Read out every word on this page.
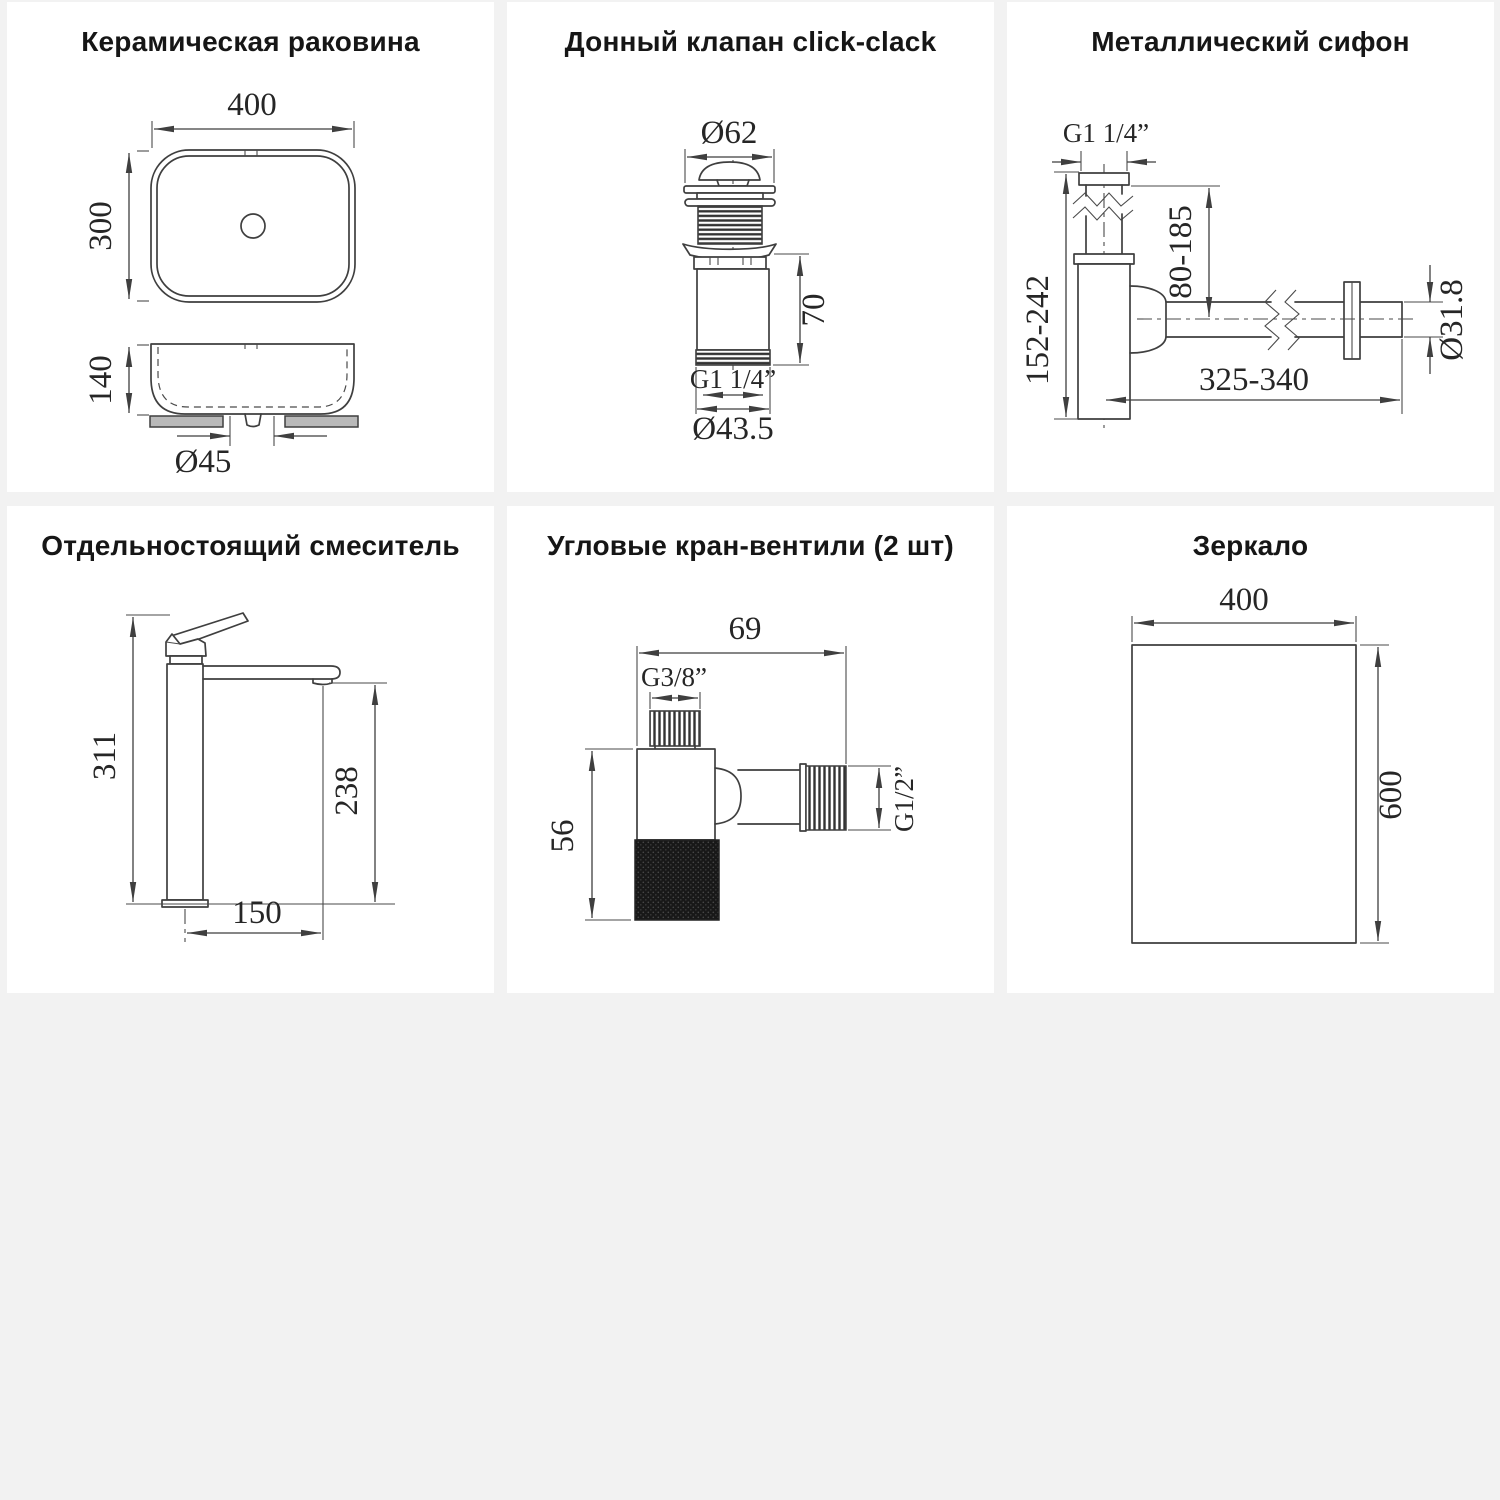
Керамическая раковина
400
300
140
Ø45
Донный клапан click-clack
Ø62
70
G1 1/4”
Ø43.5
Металлический сифон
G1 1/4”
80-185
152-242	Ø31.8
325-340
Отдельностоящий смеситель
311
238
150
Угловые кран-вентили (2 шт)
69
G3/8”
56
G1/2”
Зеркало
400
600
